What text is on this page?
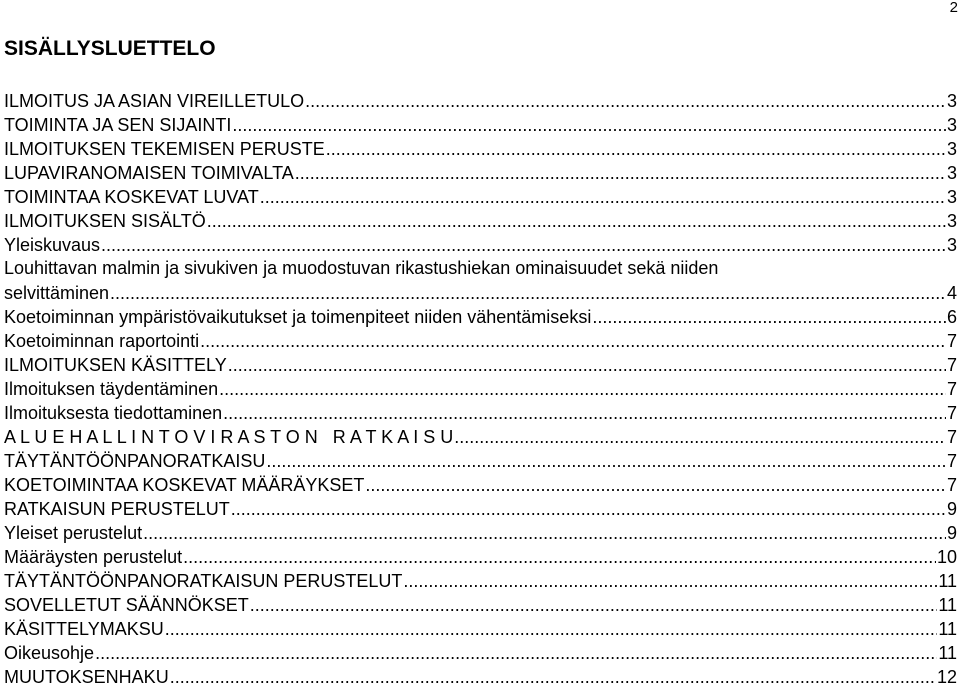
2
SISÄLLYSLUETTELO
ILMOITUS JA ASIAN VIREILLETULO .....	3
TOIMINTA JA SEN SIJAINTI .....	3
ILMOITUKSEN TEKEMISEN PERUSTE .....	3
LUPAVIRANOMAISEN TOIMIVALTA .....	3
TOIMINTAA KOSKEVAT LUVAT .....	3
ILMOITUKSEN SISÄLTÖ .....	3
Yleiskuvaus .....	3
Louhittavan malmin ja sivukiven ja muodostuvan rikastushiekan ominaisuudet sekä niiden
selvittäminen .....	4
Koetoiminnan ympäristövaikutukset ja toimenpiteet niiden vähentämiseksi .....	6
Koetoiminnan raportointi .....	7
ILMOITUKSEN KÄSITTELY .....	7
Ilmoituksen täydentäminen .....	7
Ilmoituksesta tiedottaminen .....	7
A L U E H A L L I N T O V I R A S T O N   R A T K A I S U .....	7
TÄYTÄNTÖÖNPANORATKAISU .....	7
KOETOIMINTAA KOSKEVAT MÄÄRÄYKSET .....	7
RATKAISUN PERUSTELUT .....	9
Yleiset perustelut .....	9
Määräysten perustelut .....	10
TÄYTÄNTÖÖNPANORATKAISUN PERUSTELUT .....	11
SOVELLETUT SÄÄNNÖKSET .....	11
KÄSITTELYMAKSU .....	11
Oikeusohje .....	11
MUUTOKSENHAKU .....	12
